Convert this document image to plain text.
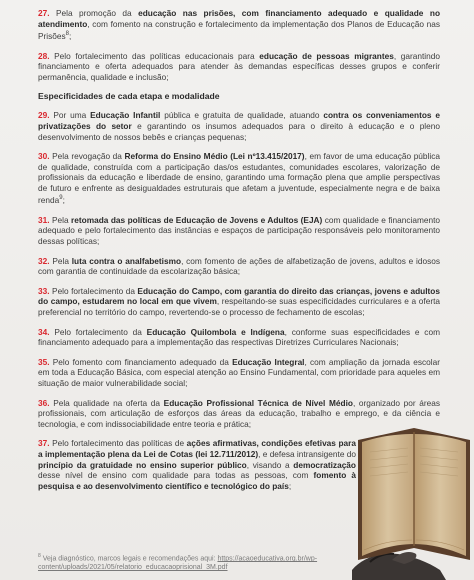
27. Pela promoção da educação nas prisões, com financiamento adequado e qualidade no atendimento, com fomento na construção e fortalecimento da implementação dos Planos de Educação nas Prisões$^8$;

28. Pelo fortalecimento das políticas educacionais para educação de pessoas migrantes, garantindo financiamento e oferta adequados para atender às demandas específicas desses grupos e conferir permanência, qualidade e inclusão;

Especificidades de cada etapa e modalidade

29. Por uma Educação Infantil pública e gratuita de qualidade, atuando contra os conveniamentos e privatizações do setor e garantindo os insumos adequados para o direito à educação e o pleno desenvolvimento de nossos bebês e crianças pequenas;

30. Pela revogação da Reforma do Ensino Médio (Lei nº13.415/2017), em favor de uma educação pública de qualidade, construída com a participação das/os estudantes, comunidades escolares, valorização de profissionais da educação e liberdade de ensino, garantindo uma formação plena que amplie perspectivas de futuro e enfrente as desigualdades estruturais que afetam a juventude, especialmente negra e de baixa renda$^9$;

31. Pela retomada das políticas de Educação de Jovens e Adultos (EJA) com qualidade e financiamento adequado e pelo fortalecimento das instâncias e espaços de participação responsáveis pelo monitoramento dessas políticas;

32. Pela luta contra o analfabetismo, com fomento de ações de alfabetização de jovens, adultos e idosos com garantia de continuidade da escolarização básica;

33. Pelo fortalecimento da Educação do Campo, com garantia do direito das crianças, jovens e adultos do campo, estudarem no local em que vivem, respeitando-se suas especificidades curriculares e a oferta preferencial no território do campo, revertendo-se o processo de fechamento de escolas;

34. Pelo fortalecimento da Educação Quilombola e Indígena, conforme suas especificidades e com financiamento adequado para a implementação das respectivas Diretrizes Curriculares Nacionais;

35. Pelo fomento com financiamento adequado da Educação Integral, com ampliação da jornada escolar em toda a Educação Básica, com especial atenção ao Ensino Fundamental, com prioridade para aqueles em situação de maior vulnerabilidade social;

36. Pela qualidade na oferta da Educação Profissional Técnica de Nível Médio, organizado por áreas profissionais, com articulação de esforços das áreas da educação, trabalho e emprego, e da ciência e tecnologia, e com indissociabilidade entre teoria e prática;

37. Pelo fortalecimento das políticas de ações afirmativas, condições efetivas para a implementação plena da Lei de Cotas (lei 12.711/2012), e defesa intransigente do princípio da gratuidade no ensino superior público, visando a democratização desse nível de ensino com qualidade para todas as pessoas, com fomento à pesquisa e ao desenvolvimento científico e tecnológico do país;

$^8$ Veja diagnóstico, marcos legais e recomendações aqui: https://acaoeducativa.org.br/wp-content/uploads/2021/05/relatorio_educacaoprisional_3M.pdf
